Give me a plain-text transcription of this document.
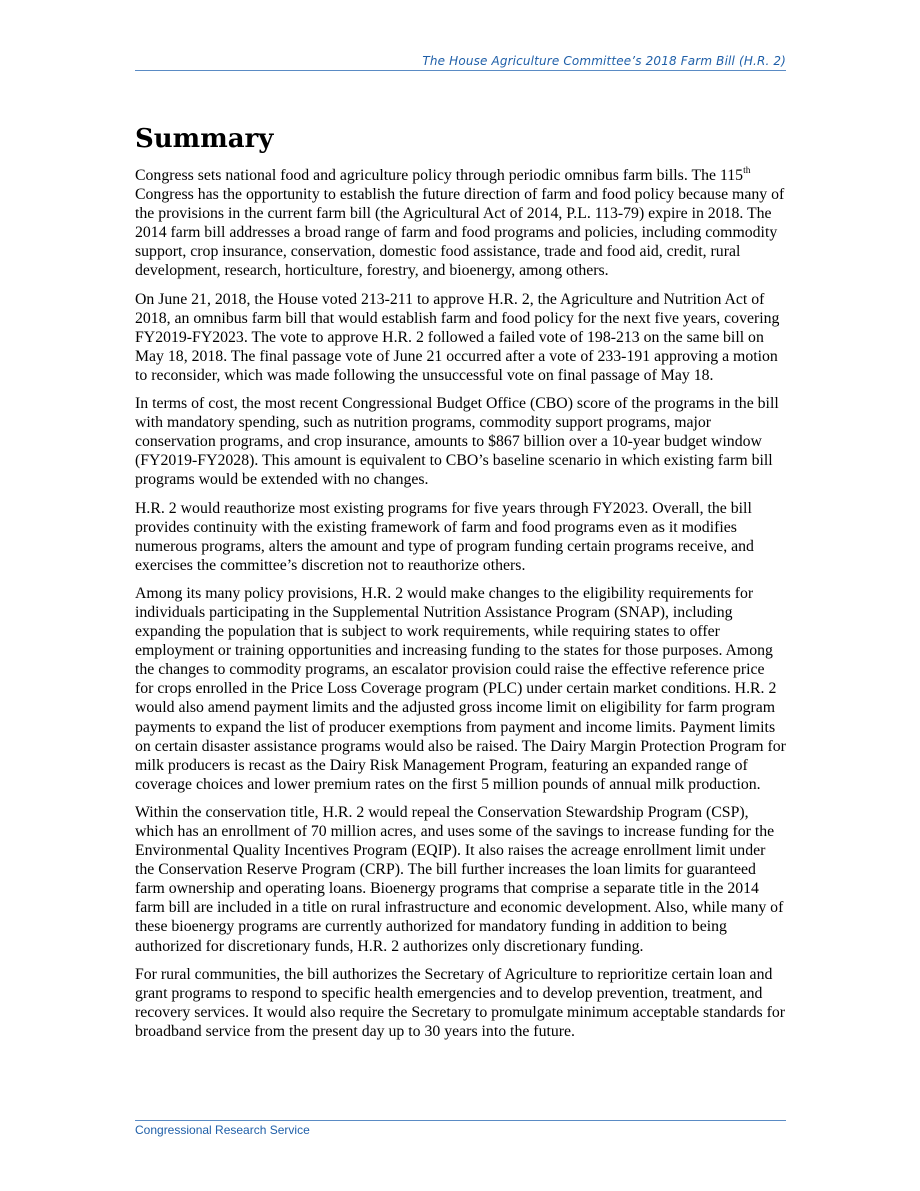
The House Agriculture Committee’s 2018 Farm Bill (H.R. 2)
Summary

Congress sets national food and agriculture policy through periodic omnibus farm bills. The 115th Congress has the opportunity to establish the future direction of farm and food policy because many of the provisions in the current farm bill (the Agricultural Act of 2014, P.L. 113-79) expire in 2018. The 2014 farm bill addresses a broad range of farm and food programs and policies, including commodity support, crop insurance, conservation, domestic food assistance, trade and food aid, credit, rural development, research, horticulture, forestry, and bioenergy, among others.

On June 21, 2018, the House voted 213-211 to approve H.R. 2, the Agriculture and Nutrition Act of 2018, an omnibus farm bill that would establish farm and food policy for the next five years, covering FY2019-FY2023. The vote to approve H.R. 2 followed a failed vote of 198-213 on the same bill on May 18, 2018. The final passage vote of June 21 occurred after a vote of 233-191 approving a motion to reconsider, which was made following the unsuccessful vote on final passage of May 18.

In terms of cost, the most recent Congressional Budget Office (CBO) score of the programs in the bill with mandatory spending, such as nutrition programs, commodity support programs, major conservation programs, and crop insurance, amounts to $867 billion over a 10-year budget window (FY2019-FY2028). This amount is equivalent to CBO’s baseline scenario in which existing farm bill programs would be extended with no changes.

H.R. 2 would reauthorize most existing programs for five years through FY2023. Overall, the bill provides continuity with the existing framework of farm and food programs even as it modifies numerous programs, alters the amount and type of program funding certain programs receive, and exercises the committee’s discretion not to reauthorize others.

Among its many policy provisions, H.R. 2 would make changes to the eligibility requirements for individuals participating in the Supplemental Nutrition Assistance Program (SNAP), including expanding the population that is subject to work requirements, while requiring states to offer employment or training opportunities and increasing funding to the states for those purposes. Among the changes to commodity programs, an escalator provision could raise the effective reference price for crops enrolled in the Price Loss Coverage program (PLC) under certain market conditions. H.R. 2 would also amend payment limits and the adjusted gross income limit on eligibility for farm program payments to expand the list of producer exemptions from payment and income limits. Payment limits on certain disaster assistance programs would also be raised. The Dairy Margin Protection Program for milk producers is recast as the Dairy Risk Management Program, featuring an expanded range of coverage choices and lower premium rates on the first 5 million pounds of annual milk production.

Within the conservation title, H.R. 2 would repeal the Conservation Stewardship Program (CSP), which has an enrollment of 70 million acres, and uses some of the savings to increase funding for the Environmental Quality Incentives Program (EQIP). It also raises the acreage enrollment limit under the Conservation Reserve Program (CRP). The bill further increases the loan limits for guaranteed farm ownership and operating loans. Bioenergy programs that comprise a separate title in the 2014 farm bill are included in a title on rural infrastructure and economic development. Also, while many of these bioenergy programs are currently authorized for mandatory funding in addition to being authorized for discretionary funds, H.R. 2 authorizes only discretionary funding.

For rural communities, the bill authorizes the Secretary of Agriculture to reprioritize certain loan and grant programs to respond to specific health emergencies and to develop prevention, treatment, and recovery services. It would also require the Secretary to promulgate minimum acceptable standards for broadband service from the present day up to 30 years into the future.

Congressional Research Service
